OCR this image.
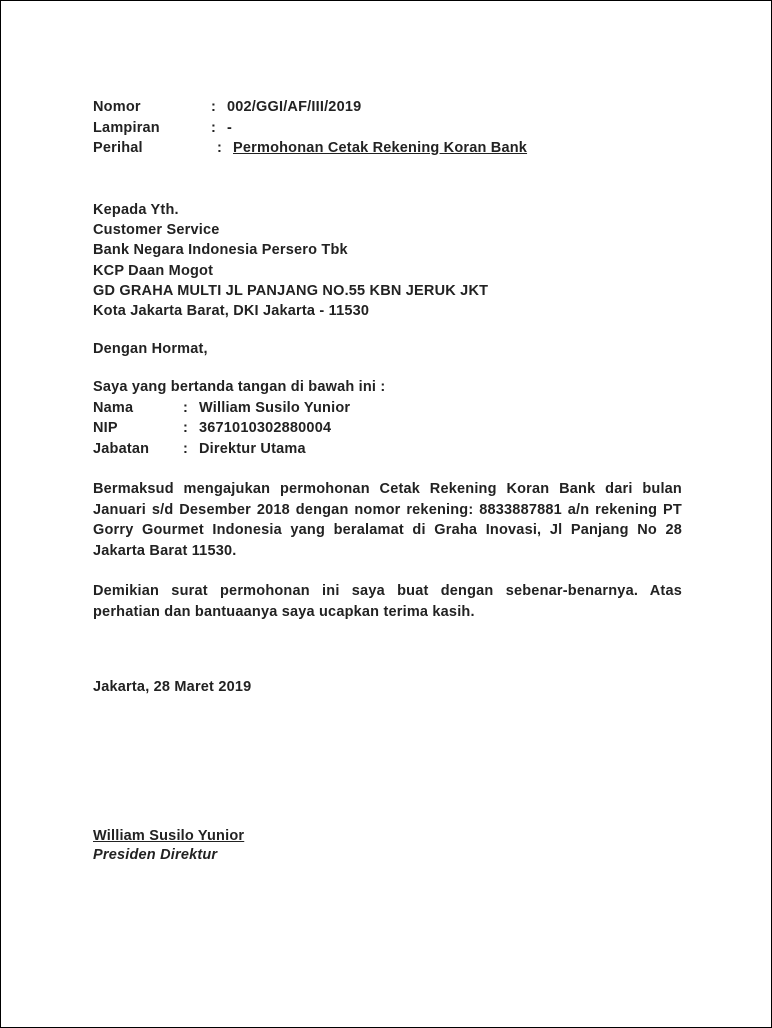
Nomor	: 002/GGI/AF/III/2019
Lampiran	: -
Perihal	: Permohonan Cetak Rekening Koran Bank
Kepada Yth.
Customer Service
Bank Negara Indonesia Persero Tbk
KCP Daan Mogot
GD GRAHA MULTI JL PANJANG NO.55 KBN JERUK JKT
Kota Jakarta Barat, DKI Jakarta - 11530
Dengan Hormat,
Saya yang bertanda tangan di bawah ini :
Nama	: William Susilo Yunior
NIP	: 3671010302880004
Jabatan : Direktur Utama
Bermaksud mengajukan permohonan Cetak Rekening Koran Bank dari bulan Januari s/d Desember 2018 dengan nomor rekening: 8833887881 a/n rekening PT Gorry Gourmet Indonesia yang beralamat di Graha Inovasi, Jl Panjang No 28 Jakarta Barat 11530.
Demikian surat permohonan ini saya buat dengan sebenar-benarnya. Atas perhatian dan bantuaanya saya ucapkan terima kasih.
Jakarta, 28 Maret 2019
William Susilo Yunior
Presiden Direktur
